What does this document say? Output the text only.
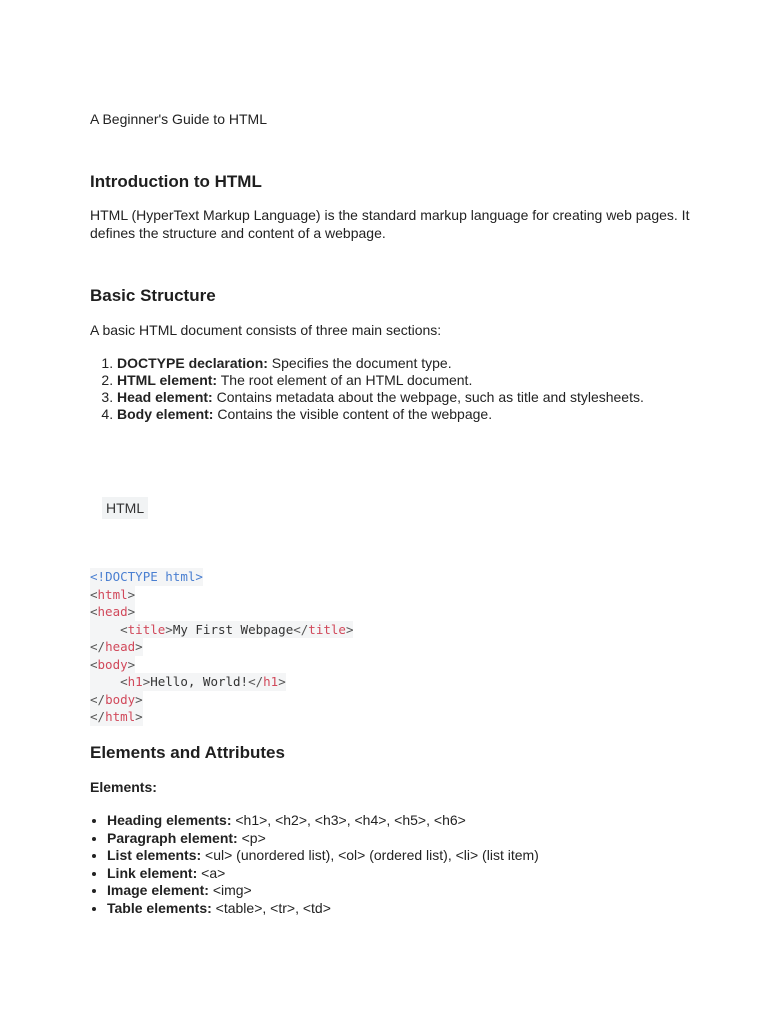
A Beginner's Guide to HTML
Introduction to HTML
HTML (HyperText Markup Language) is the standard markup language for creating web pages. It defines the structure and content of a webpage.
Basic Structure
A basic HTML document consists of three main sections:
1. DOCTYPE declaration: Specifies the document type.
2. HTML element: The root element of an HTML document.
3. Head element: Contains metadata about the webpage, such as title and stylesheets.
4. Body element: Contains the visible content of the webpage.
HTML
<!DOCTYPE html>
<html>
<head>
<title>My First Webpage</title>
</head>
<body>
<h1>Hello, World!</h1>
</body>
</html>
Elements and Attributes
Elements:
• Heading elements: <h1>, <h2>, <h3>, <h4>, <h5>, <h6>
• Paragraph element: <p>
• List elements: <ul> (unordered list), <ol> (ordered list), <li> (list item)
• Link element: <a>
• Image element: <img>
• Table elements: <table>, <tr>, <td>
